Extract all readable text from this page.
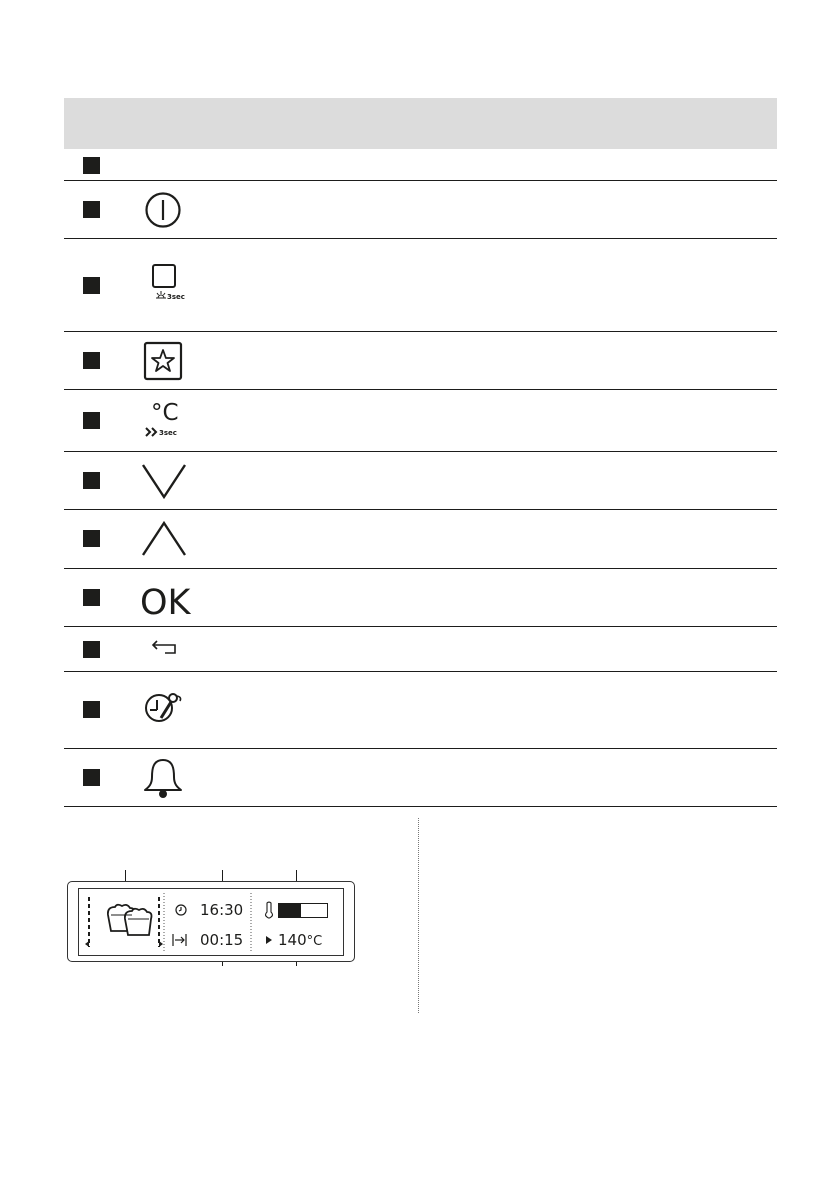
3sec
°C
3sec
OK
16:30
00:15 140°C
